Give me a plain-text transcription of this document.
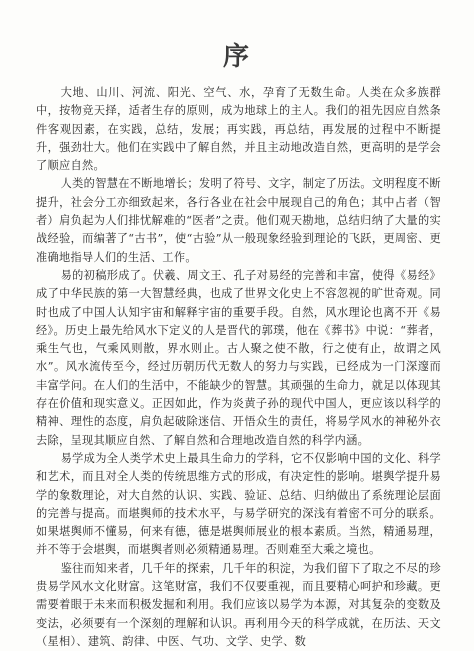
序

大地、山川、河流、阳光、空气、水，孕育了无数生命。人类在众多族群中，按物竞天择，适者生存的原则，成为地球上的主人。我们的祖先因应自然条件客观因素，在实践，总结，发展；再实践，再总结，再发展的过程中不断提升，强劲壮大。他们在实践中了解自然，并且主动地改造自然，更高明的是学会了顺应自然。

人类的智慧在不断地增长；发明了符号、文字，制定了历法。文明程度不断提升，社会分工亦细致起来，各行各业在社会中展现自己的角色；其中占者（智者）肩负起为人们排忧解难的“医者”之责。他们观天勘地，总结归纳了大量的实战经验，而编著了“古书”，使“古验”从一般现象经验到理论的飞跃，更周密、更准确地指导人们的生活、工作。

易的初稿形成了。伏羲、周文王、孔子对易经的完善和丰富，使得《易经》成了中华民族的第一大智慧经典，也成了世界文化史上不容忽视的旷世奇观。同时也成了中国人认知宇宙和解释宇宙的重要手段。自然，风水理论也离不开《易经》。历史上最先给风水下定义的人是晋代的郭璞，他在《葬书》中说：“葬者，乘生气也，气乘风则散，界水则止。古人聚之使不散，行之使有止，故谓之风水”。风水流传至今，经过历朝历代无数人的努力与实践，已经成为一门深邃而丰富学问。在人们的生活中，不能缺少的智慧。其顽强的生命力，就足以体现其存在价值和现实意义。正因如此，作为炎黄子孙的现代中国人，更应该以科学的精神、理性的态度，肩负起破除迷信、开悟众生的责任，将易学风水的神秘外衣去除，呈现其顺应自然、了解自然和合理地改造自然的科学内涵。

易学成为全人类学术史上最具生命力的学科，它不仅影响中国的文化、科学和艺术，而且对全人类的传统思维方式的形成，有决定性的影响。堪舆学提升易学的象数理论，对大自然的认识、实践、验证、总结、归纳做出了系统理论层面的完善与提高。而堪舆师的技术水平，与易学研究的深浅有着密不可分的联系。如果堪舆师不懂易，何来有德，德是堪舆师展业的根本素质。当然，精通易理，并不等于会堪舆，而堪舆者则必须精通易理。否则难至大乘之境也。

鉴往而知来者，几千年的探索，几千年的积淀，为我们留下了取之不尽的珍贵易学风水文化财富。这笔财富，我们不仅要重视，而且要精心呵护和珍藏。更需要着眼于未来而积极发掘和利用。我们应该以易学为本源，对其复杂的变数及变法，必须要有一个深刻的理解和认识。再利用今天的科学成就，在历法、天文（星相）、建筑、韵律、中医、气功、文学、史学、数
